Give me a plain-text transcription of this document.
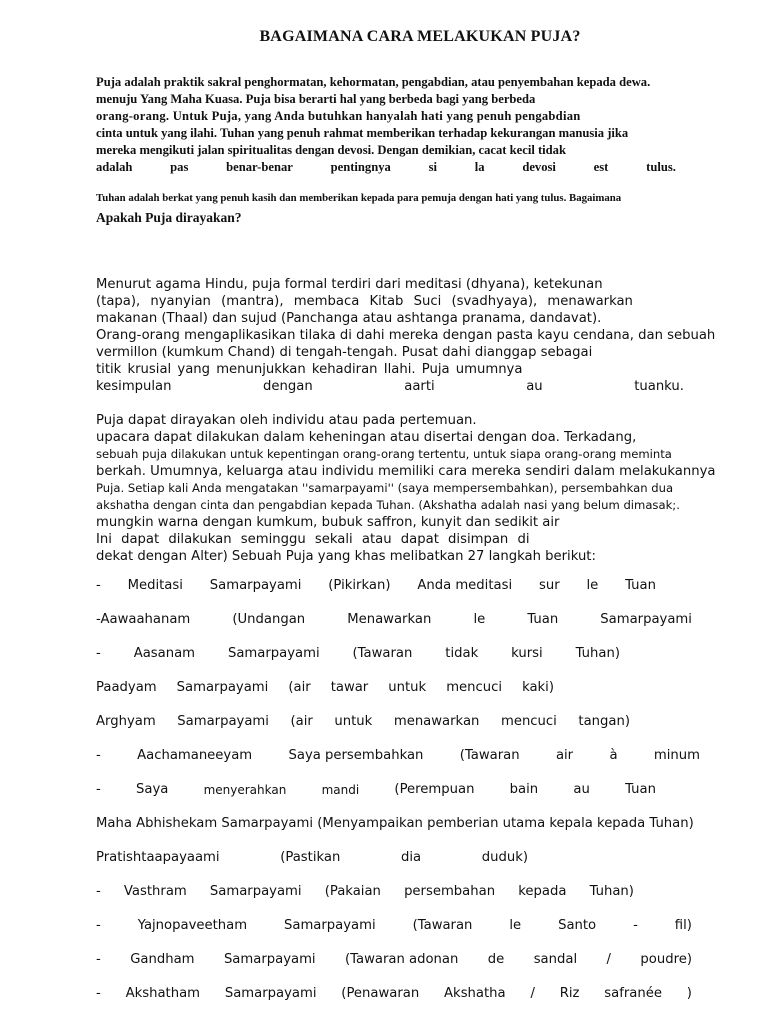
BAGAIMANA CARA MELAKUKAN PUJA?
Puja adalah praktik sakral penghormatan, kehormatan, pengabdian, atau penyembahan kepada dewa.
menuju Yang Maha Kuasa. Puja bisa berarti hal yang berbeda bagi yang berbeda
orang-orang. Untuk Puja, yang Anda butuhkan hanyalah hati yang penuh pengabdian
cinta untuk yang ilahi. Tuhan yang penuh rahmat memberikan terhadap kekurangan manusia jika
mereka mengikuti jalan spiritualitas dengan devosi. Dengan demikian, cacat kecil tidak
adalah	pas	benar-benar	pentingnya	si	la	devosi	est	tulus.
Tuhan adalah berkat yang penuh kasih dan memberikan kepada para pemuja dengan hati yang tulus. Bagaimana
Apakah Puja dirayakan?
Menurut agama Hindu, puja formal terdiri dari meditasi (dhyana), ketekunan
(tapa), nyanyian (mantra), membaca Kitab Suci (svadhyaya), menawarkan
makanan (Thaal) dan sujud (Panchanga atau ashtanga pranama, dandavat).
Orang-orang mengaplikasikan tilaka di dahi mereka dengan pasta kayu cendana, dan sebuah
vermillon (kumkum Chand) di tengah-tengah. Pusat dahi dianggap sebagai
titik krusial yang menunjukkan kehadiran Ilahi. Puja umumnya
kesimpulan	dengan	aarti	au	tuanku.
Puja dapat dirayakan oleh individu atau pada pertemuan.
upacara dapat dilakukan dalam keheningan atau disertai dengan doa. Terkadang,
sebuah puja dilakukan untuk kepentingan orang-orang tertentu, untuk siapa orang-orang meminta
berkah. Umumnya, keluarga atau individu memiliki cara mereka sendiri dalam melakukannya
Puja. Setiap kali Anda mengatakan ''samarpayami'' (saya mempersembahkan), persembahkan dua
akshatha dengan cinta dan pengabdian kepada Tuhan. (Akshatha adalah nasi yang belum dimasak;.
mungkin warna dengan kumkum, bubuk saffron, kunyit dan sedikit air
Ini dapat dilakukan seminggu sekali atau dapat disimpan di
dekat dengan Alter) Sebuah Puja yang khas melibatkan 27 langkah berikut:
- Meditasi Samarpayami (Pikirkan) Anda meditasi sur le Tuan
-Aawaahanam	(Undangan	Menawarkan	le	Tuan	Samarpayami
- Aasanam Samarpayami (Tawaran tidak kursi Tuhan)
Paadyam Samarpayami (air tawar untuk mencuci kaki)
Arghyam Samarpayami (air untuk menawarkan mencuci tangan)
-	Aachamaneeyam	Saya persembahkan	(Tawaran	air	à	minum
-	Saya	menyerahkan	mandi	(Perempuan	bain	au	Tuan
Maha Abhishekam Samarpayami (Menyampaikan pemberian utama kepala kepada Tuhan)
Pratishtaapayaami	(Pastikan	dia	duduk)
- Vasthram Samarpayami (Pakaian persembahan kepada Tuhan)
-	Yajnopaveetham	Samarpayami	(Tawaran	le	Santo	-	fil)
- Gandham Samarpayami (Tawaran adonan de sandal / poudre)
- Akshatham Samarpayami (Penawaran Akshatha / Riz safranée )
